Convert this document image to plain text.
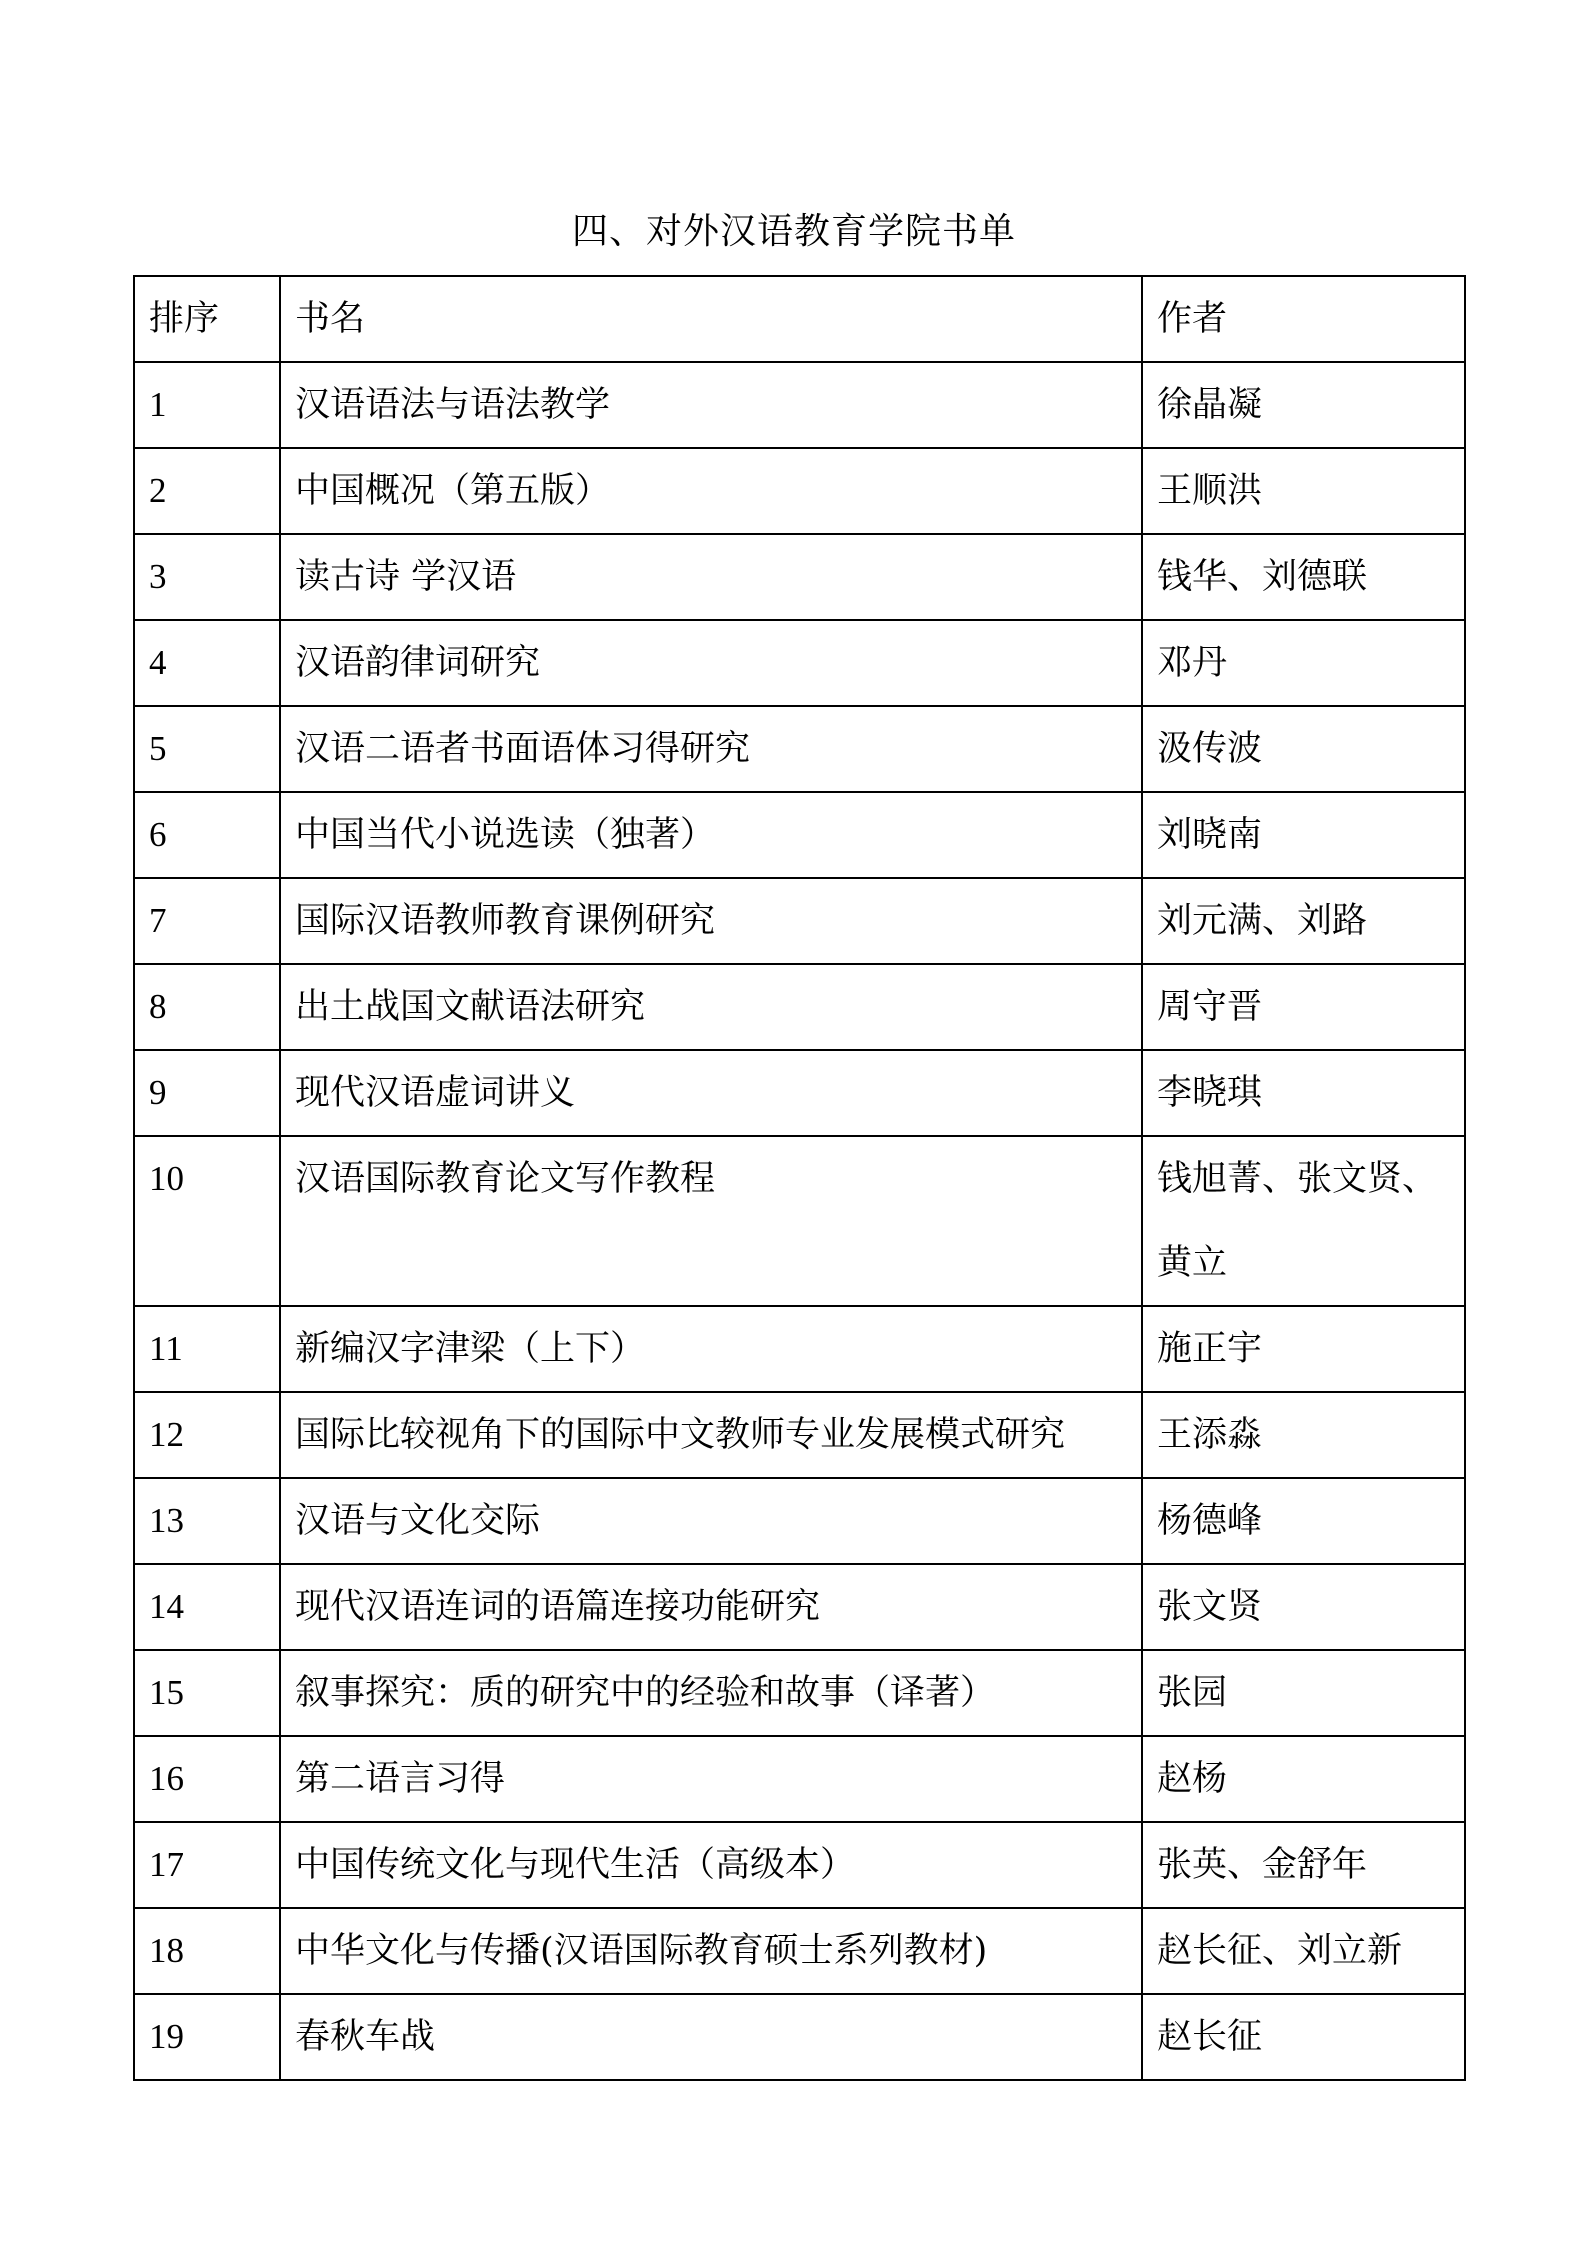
四、对外汉语教育学院书单
排序	书名	作者
1	汉语语法与语法教学	徐晶凝
2	中国概况（第五版）	王顺洪
3	读古诗 学汉语	钱华、刘德联
4	汉语韵律词研究	邓丹
5	汉语二语者书面语体习得研究	汲传波
6	中国当代小说选读（独著）	刘晓南
7	国际汉语教师教育课例研究	刘元满、刘路
8	出土战国文献语法研究	周守晋
9	现代汉语虚词讲义	李晓琪
10	汉语国际教育论文写作教程	钱旭菁、张文贤、黄立
11	新编汉字津梁（上下）	施正宇
12	国际比较视角下的国际中文教师专业发展模式研究	王添淼
13	汉语与文化交际	杨德峰
14	现代汉语连词的语篇连接功能研究	张文贤
15	叙事探究：质的研究中的经验和故事（译著）	张园
16	第二语言习得	赵杨
17	中国传统文化与现代生活（高级本）	张英、金舒年
18	中华文化与传播(汉语国际教育硕士系列教材)	赵长征、刘立新
19	春秋车战	赵长征
